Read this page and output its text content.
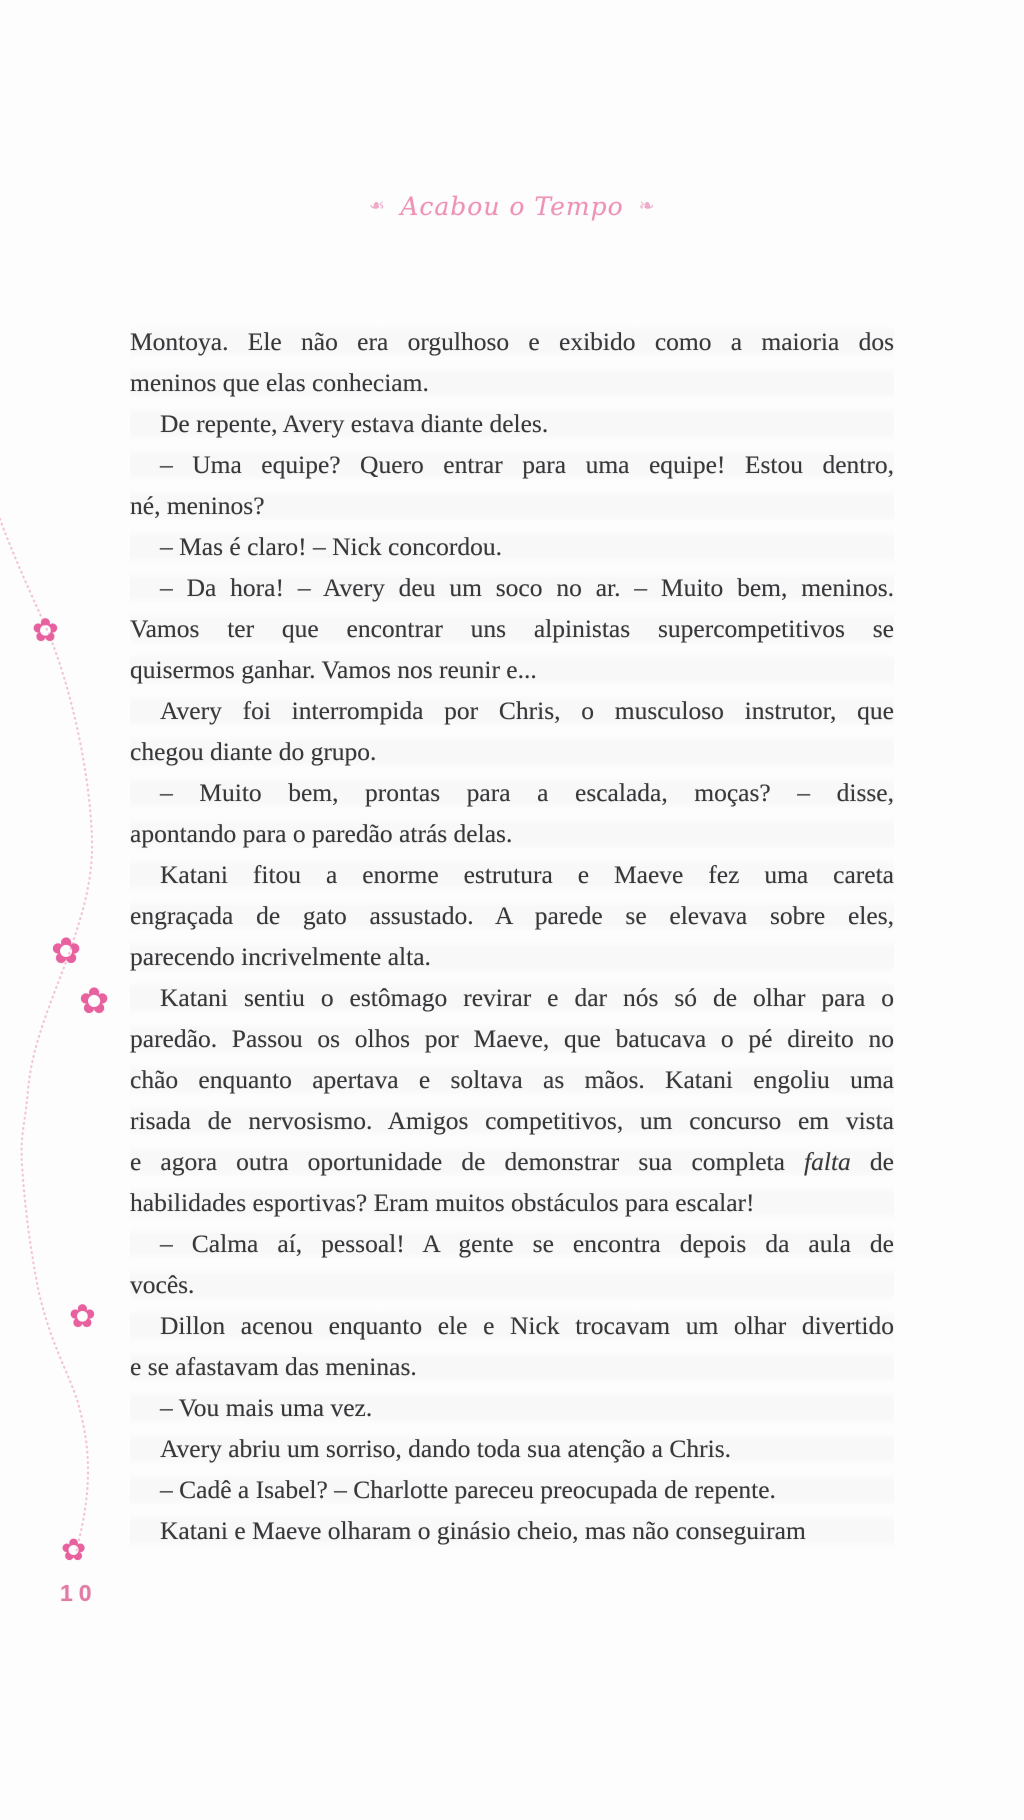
❧ Acabou o Tempo ❧
✿
✿
✿
✿
✿
Montoya. Ele não era orgulhoso e exibido como a maioria dos
meninos que elas conheciam.
De repente, Avery estava diante deles.
– Uma equipe? Quero entrar para uma equipe! Estou dentro,
né, meninos?
– Mas é claro! – Nick concordou.
– Da hora! – Avery deu um soco no ar. – Muito bem, meninos.
Vamos ter que encontrar uns alpinistas supercompetitivos se
quisermos ganhar. Vamos nos reunir e...
Avery foi interrompida por Chris, o musculoso instrutor, que
chegou diante do grupo.
– Muito bem, prontas para a escalada, moças? – disse,
apontando para o paredão atrás delas.
Katani fitou a enorme estrutura e Maeve fez uma careta
engraçada de gato assustado. A parede se elevava sobre eles,
parecendo incrivelmente alta.
Katani sentiu o estômago revirar e dar nós só de olhar para o
paredão. Passou os olhos por Maeve, que batucava o pé direito no
chão enquanto apertava e soltava as mãos. Katani engoliu uma
risada de nervosismo. Amigos competitivos, um concurso em vista
e agora outra oportunidade de demonstrar sua completa falta de
habilidades esportivas? Eram muitos obstáculos para escalar!
– Calma aí, pessoal! A gente se encontra depois da aula de
vocês.
Dillon acenou enquanto ele e Nick trocavam um olhar divertido
e se afastavam das meninas.
– Vou mais uma vez.
Avery abriu um sorriso, dando toda sua atenção a Chris.
– Cadê a Isabel? – Charlotte pareceu preocupada de repente.
Katani e Maeve olharam o ginásio cheio, mas não conseguiram
10
